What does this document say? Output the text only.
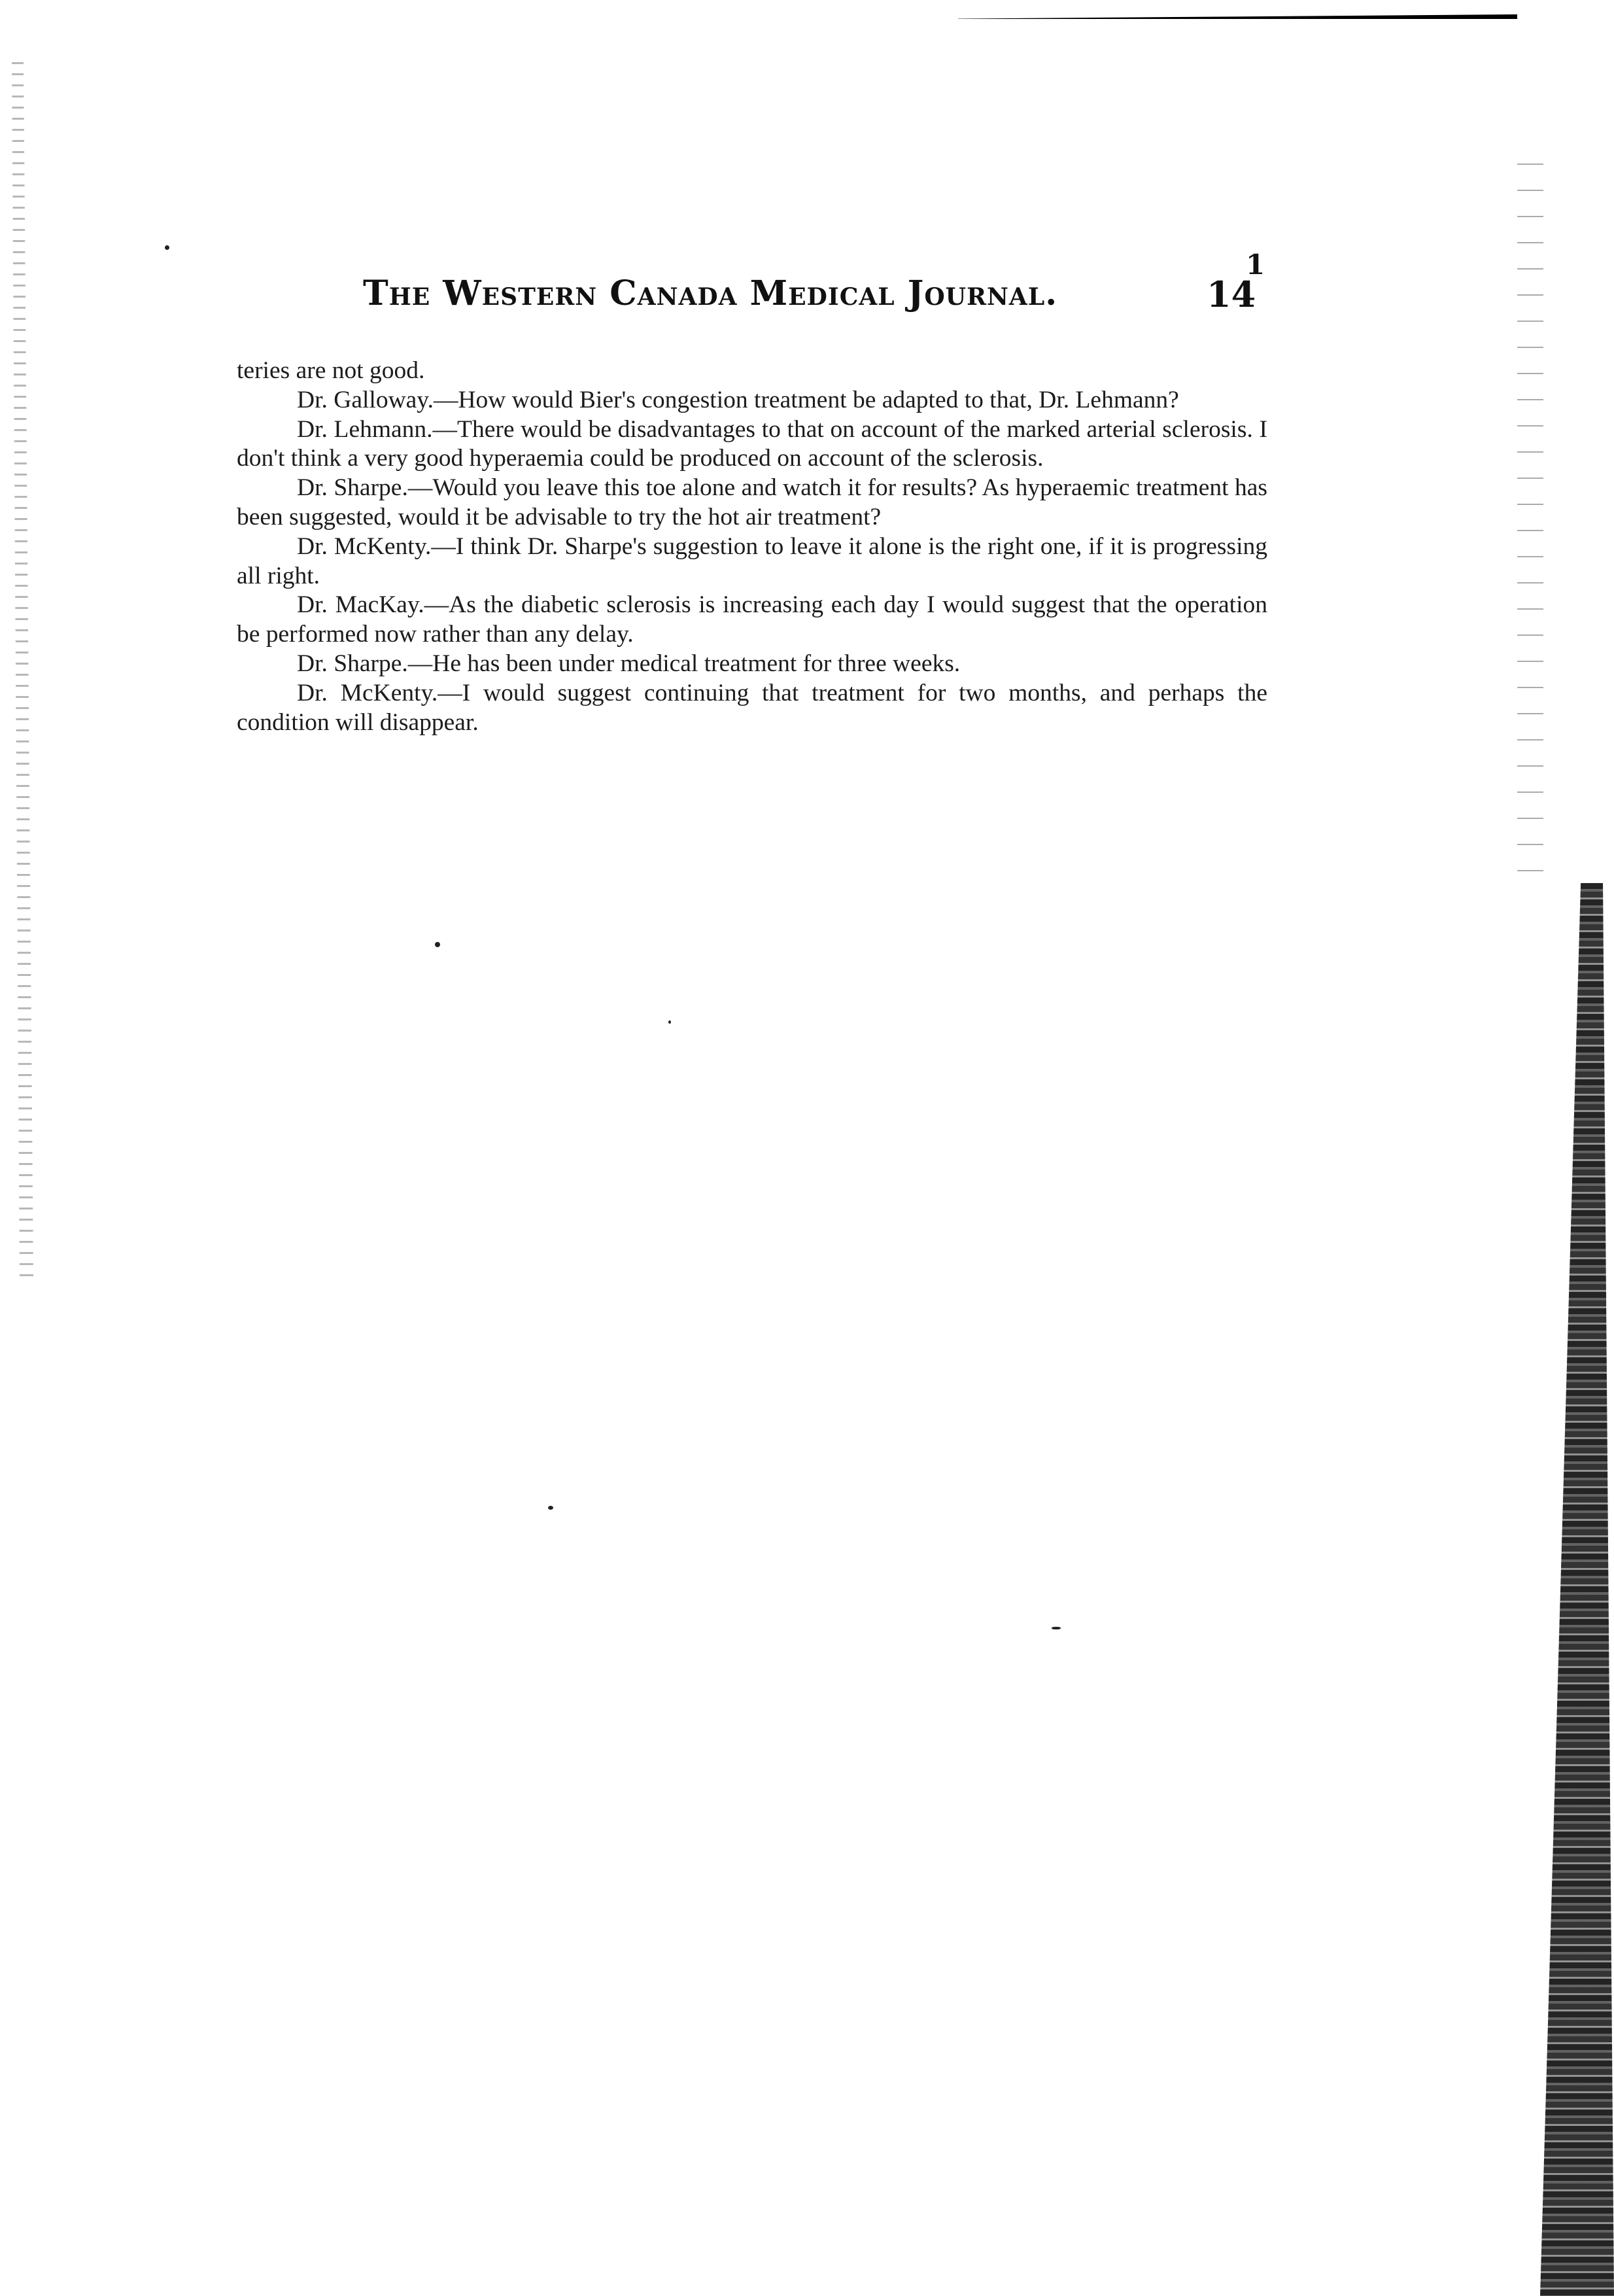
The Western Canada Medical Journal.	14
1

teries are not good.

Dr. Galloway.—How would Bier's congestion treatment be adapted to that, Dr. Lehmann?

Dr. Lehmann.—There would be disadvantages to that on account of the marked arterial sclerosis. I don't think a very good hyperaemia could be produced on account of the sclerosis.

Dr. Sharpe.—Would you leave this toe alone and watch it for results? As hyperaemic treatment has been suggested, would it be advisable to try the hot air treatment?

Dr. McKenty.—I think Dr. Sharpe's suggestion to leave it alone is the right one, if it is progressing all right.

Dr. MacKay.—As the diabetic sclerosis is increasing each day I would suggest that the operation be performed now rather than any delay.

Dr. Sharpe.—He has been under medical treatment for three weeks.

Dr. McKenty.—I would suggest continuing that treatment for two months, and perhaps the condition will disappear.
